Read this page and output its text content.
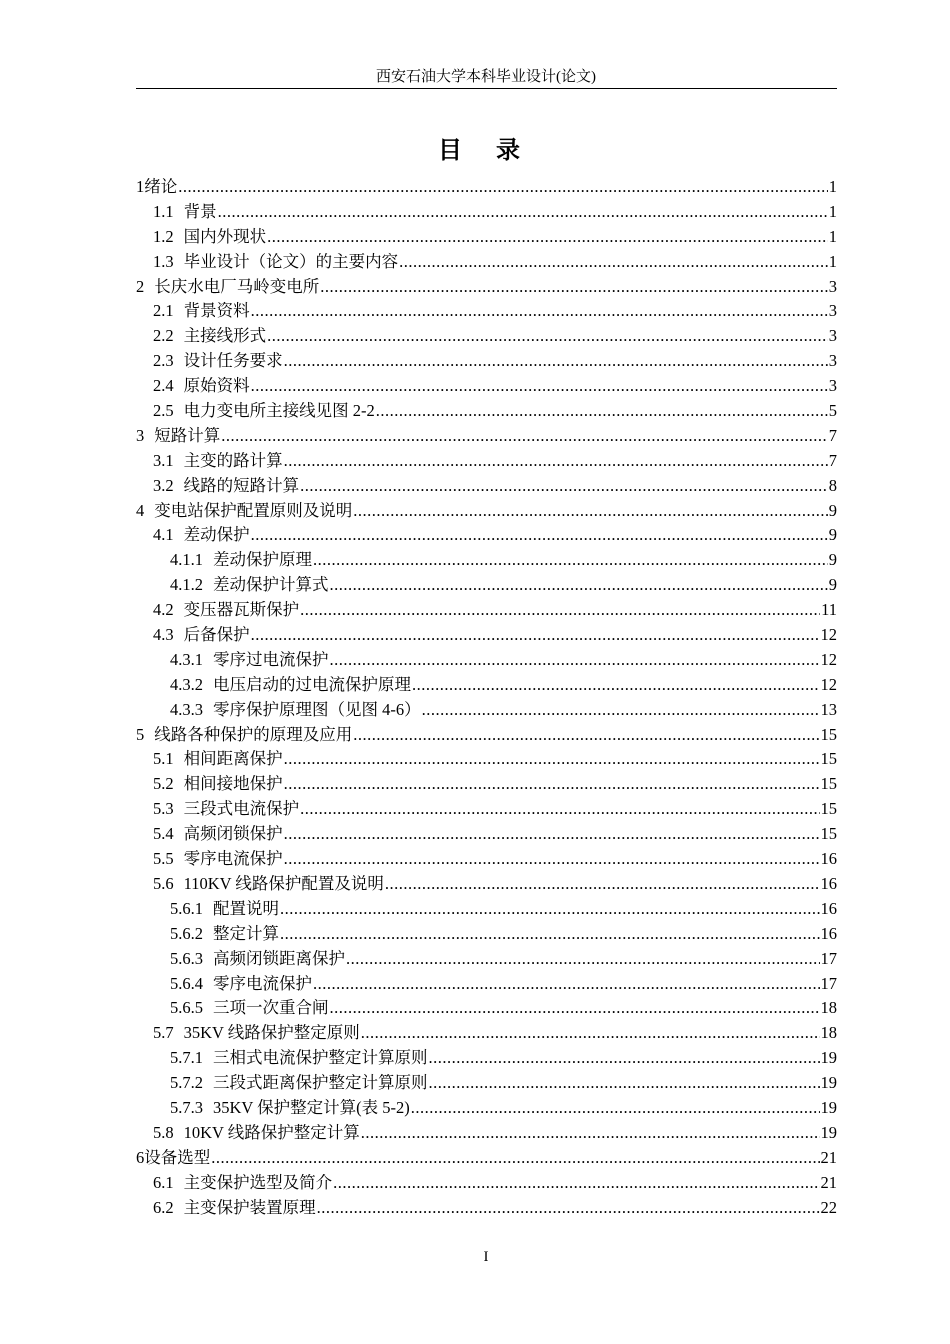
西安石油大学本科毕业设计(论文)
目 录
1 绪论 .....	1
1.1 背景 .....	1
1.2 国内外现状 .....	1
1.3 毕业设计（论文）的主要内容 .....	1
2 长庆水电厂马岭变电所 .....	3
2.1 背景资料 .....	3
2.2 主接线形式 .....	3
2.3 设计任务要求 .....	3
2.4 原始资料 .....	3
2.5 电力变电所主接线见图 2-2 .....	5
3 短路计算 .....	7
3.1 主变的路计算 .....	7
3.2 线路的短路计算 .....	8
4 变电站保护配置原则及说明 .....	9
4.1 差动保护 .....	9
4.1.1 差动保护原理 .....	9
4.1.2 差动保护计算式 .....	9
4.2 变压器瓦斯保护 .....	11
4.3 后备保护 .....	12
4.3.1 零序过电流保护 .....	12
4.3.2 电压启动的过电流保护原理 .....	12
4.3.3 零序保护原理图（见图 4-6） .....	13
5 线路各种保护的原理及应用 .....	15
5.1 相间距离保护 .....	15
5.2 相间接地保护 .....	15
5.3 三段式电流保护 .....	15
5.4 高频闭锁保护 .....	15
5.5 零序电流保护 .....	16
5.6 110KV 线路保护配置及说明 .....	16
5.6.1 配置说明 .....	16
5.6.2 整定计算 .....	16
5.6.3 高频闭锁距离保护 .....	17
5.6.4 零序电流保护 .....	17
5.6.5 三项一次重合闸 .....	18
5.7 35KV 线路保护整定原则 .....	18
5.7.1 三相式电流保护整定计算原则 .....	19
5.7.2 三段式距离保护整定计算原则 .....	19
5.7.3 35KV 保护整定计算(表 5-2) .....	19
5.8 10KV 线路保护整定计算 .....	19
6 设备选型 .....	21
6.1 主变保护选型及简介 .....	21
6.2 主变保护装置原理 .....	22
I
